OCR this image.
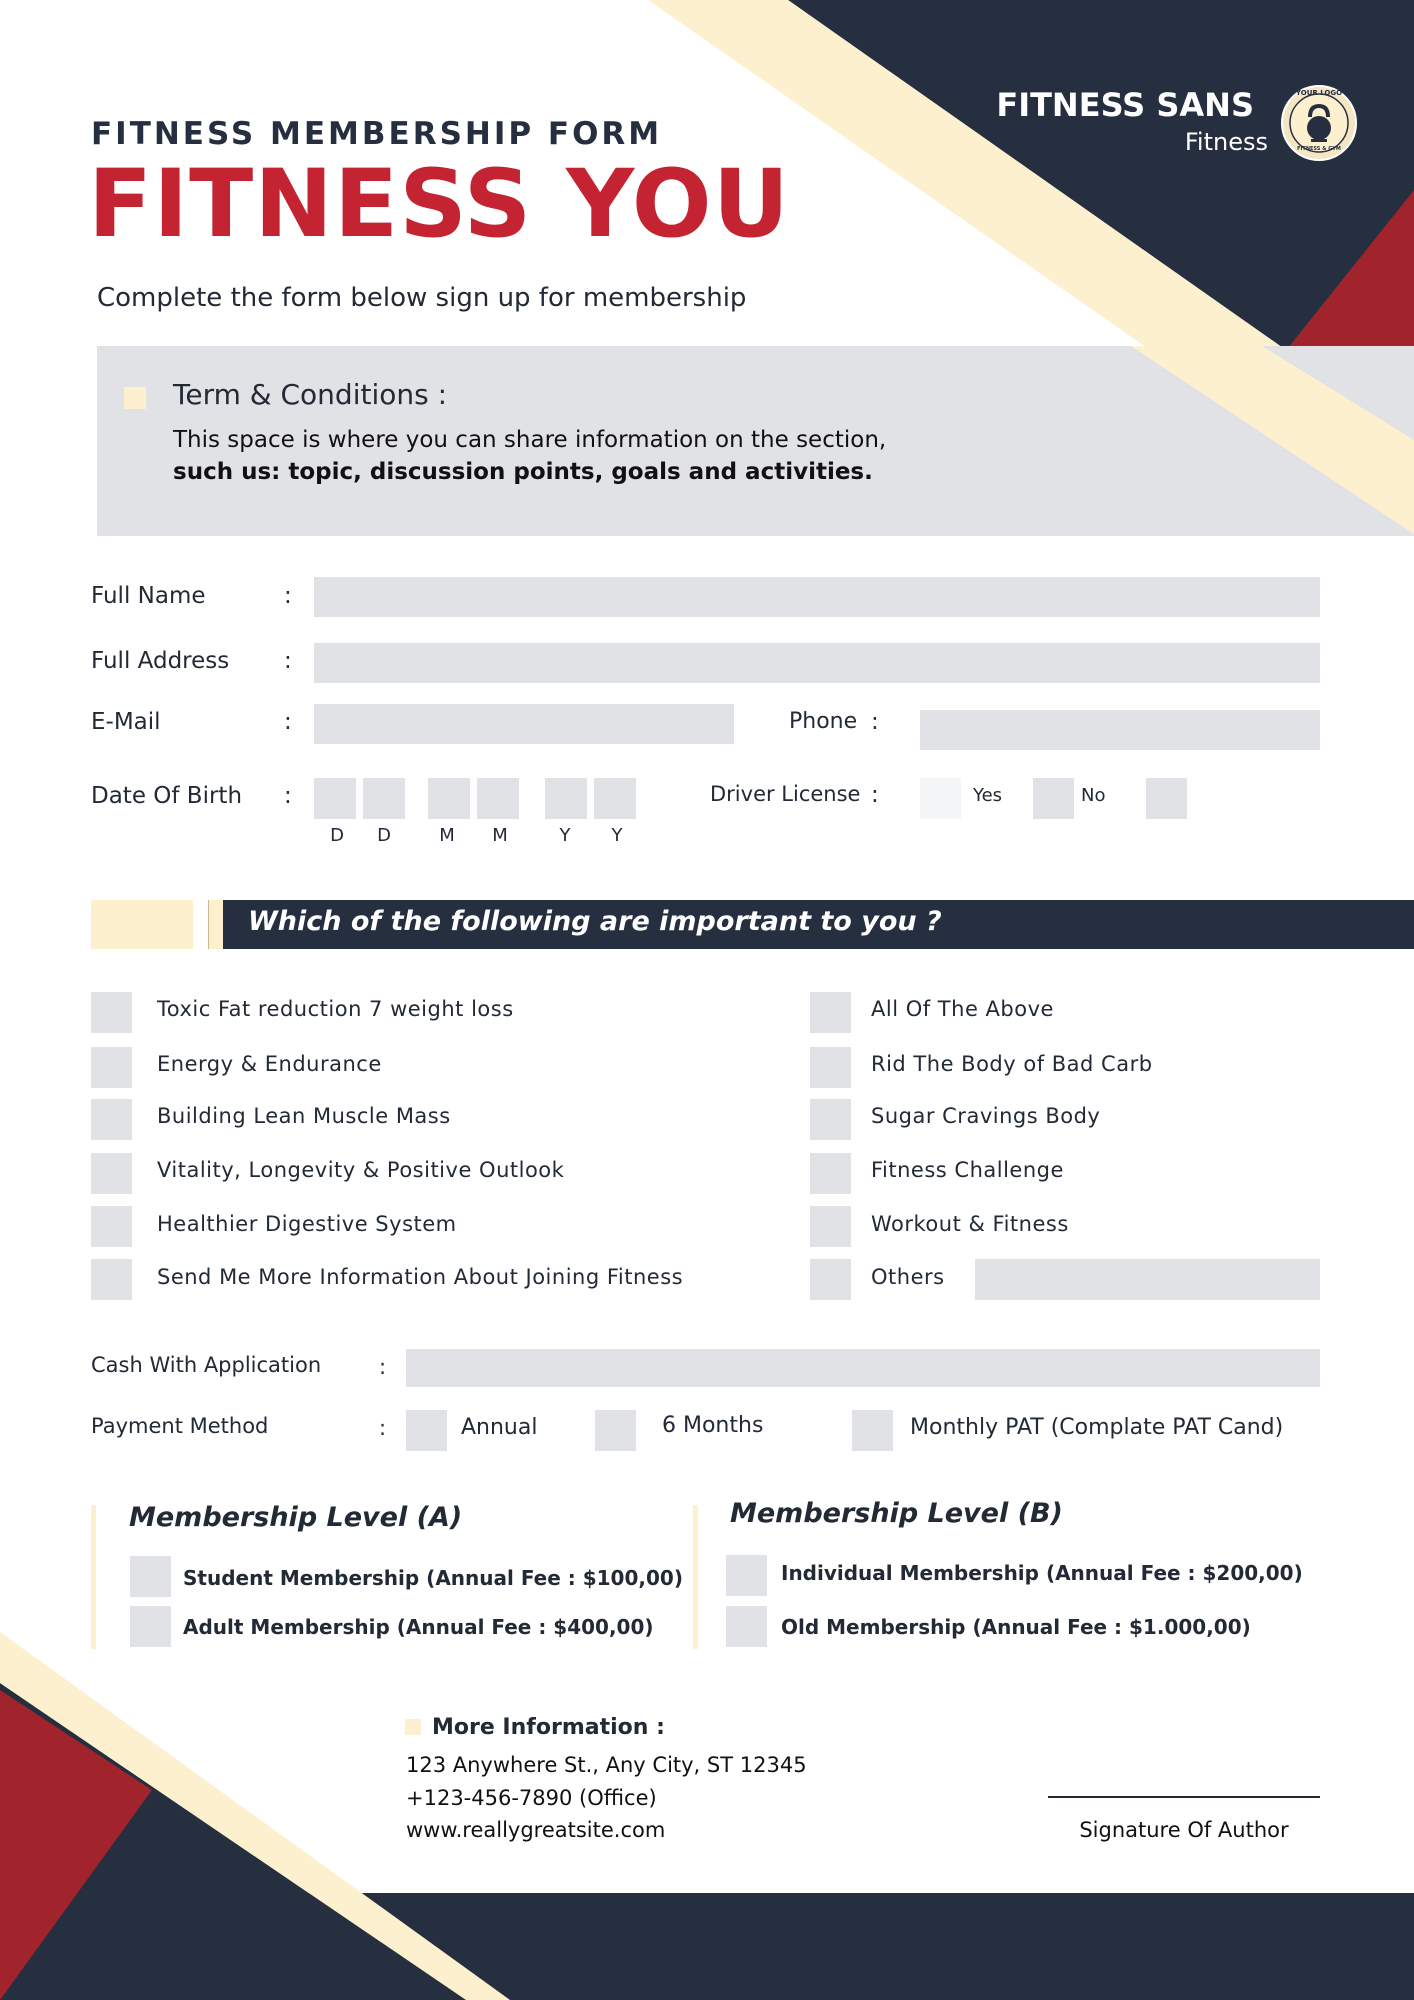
FITNESS SANS
Fitness
YOUR LOGO
FITNESS & GYM
FITNESS MEMBERSHIP FORM
FITNESS YOU
Complete the form below sign up for membership
Term & Conditions :
This space is where you can share information on the section,
such us: topic, discussion points, goals and activities.
Full Name	:
Full Address :
E-Mail	:	Phone :
Date Of Birth :
D	D	M	M	Y	Y
Driver License :	Yes	No
Which of the following are important to you ?
Toxic Fat reduction 7 weight loss
Energy & Endurance
Building Lean Muscle Mass
Vitality, Longevity & Positive Outlook
Healthier Digestive System
Send Me More Information About Joining Fitness
All Of The Above
Rid The Body of Bad Carb
Sugar Cravings Body
Fitness Challenge
Workout & Fitness
Others
Cash With Application	:
Payment Method	:	Annual	6 Months	Monthly PAT (Complate PAT Cand)
Membership Level (A)
Student Membership (Annual Fee : $100,00)
Adult Membership (Annual Fee : $400,00)
Membership Level (B)
Individual Membership (Annual Fee : $200,00)
Old Membership (Annual Fee : $1.000,00)
More Information :
123 Anywhere St., Any City, ST 12345
+123-456-7890 (Office)
www.reallygreatsite.com	Signature Of Author
